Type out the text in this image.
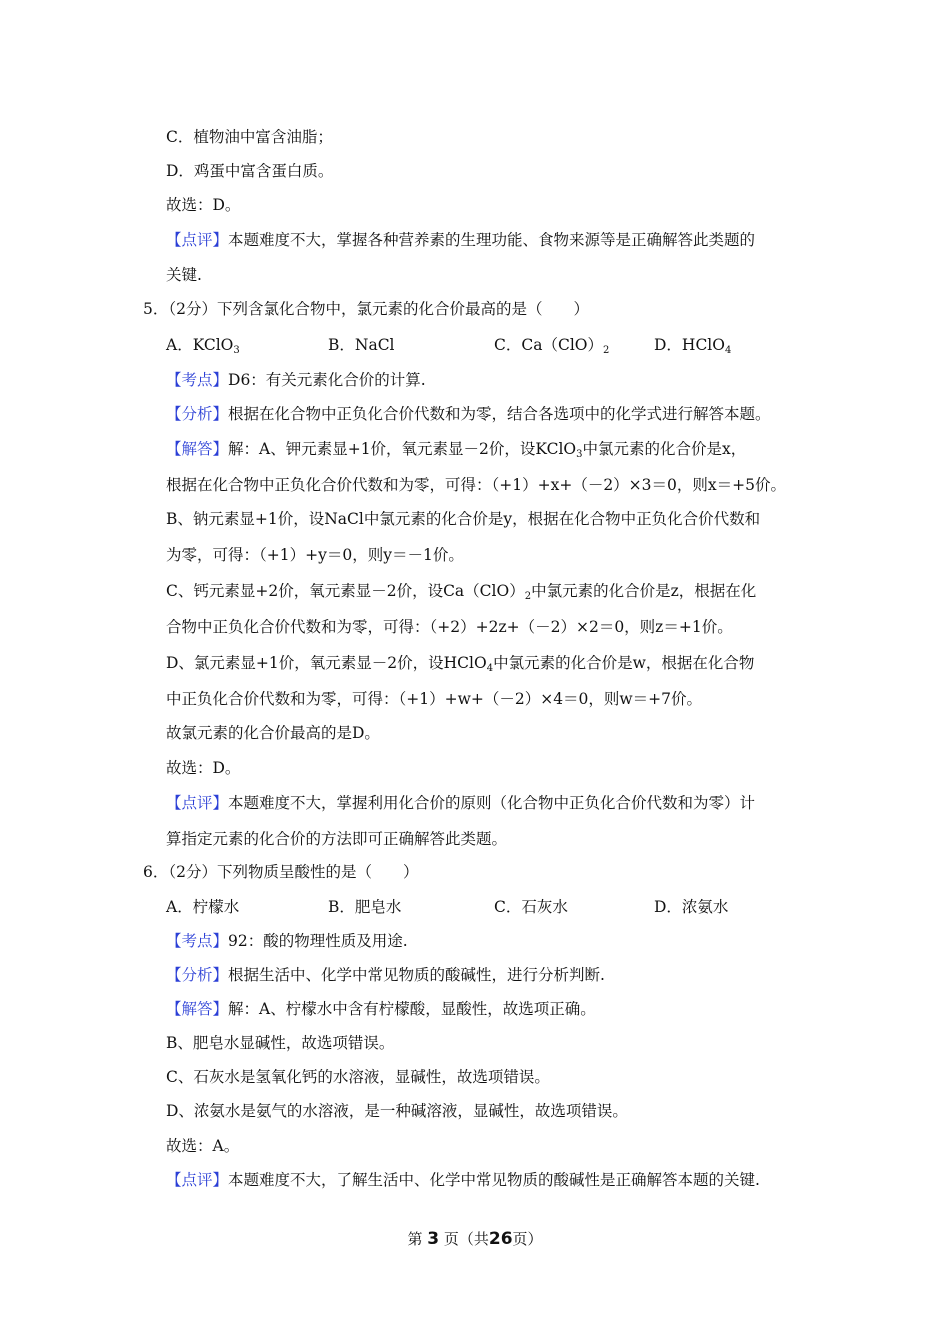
C．植物油中富含油脂；
D．鸡蛋中富含蛋白质。
故选：D。
【点评】本题难度不大，掌握各种营养素的生理功能、食物来源等是正确解答此类题的
关键.
5．（2分）下列含氯化合物中，氯元素的化合价最高的是（　　）
A．KClO$_3$	B．NaCl	C．$Ca(ClO)_2$	D．HClO$_4$
【考点】D6：有关元素化合价的计算.
【分析】根据在化合物中正负化合价代数和为零，结合各选项中的化学式进行解答本题。
【解答】解：A、钾元素显+1价，氧元素显－2价，设KClO$_3$中氯元素的化合价是x，
根据在化合物中正负化合价代数和为零，可得：（+1）+x+（－2）×3＝0，则x＝+5价。
B、钠元素显+1价，设NaCl中氯元素的化合价是y，根据在化合物中正负化合价代数和
为零，可得：（+1）+y＝0，则y＝－1价。
C、钙元素显+2价，氧元素显－2价，设$Ca(ClO)_2$中氯元素的化合价是z，根据在化
合物中正负化合价代数和为零，可得：（+2）+2z+（－2）×2＝0，则z＝+1价。
D、氯元素显+1价，氧元素显－2价，设HClO$_4$中氯元素的化合价是w，根据在化合物
中正负化合价代数和为零，可得：（+1）+w+（－2）×4＝0，则w＝+7价。
故氯元素的化合价最高的是D。
故选：D。
【点评】本题难度不大，掌握利用化合价的原则（化合物中正负化合价代数和为零）计
算指定元素的化合价的方法即可正确解答此类题。
6．（2分）下列物质呈酸性的是（　　）
A．柠檬水	B．肥皂水	C．石灰水	D．浓氨水
【考点】92：酸的物理性质及用途.
【分析】根据生活中、化学中常见物质的酸碱性，进行分析判断.
【解答】解：A、柠檬水中含有柠檬酸，显酸性，故选项正确。
B、肥皂水显碱性，故选项错误。
C、石灰水是氢氧化钙的水溶液，显碱性，故选项错误。
D、浓氨水是氨气的水溶液，是一种碱溶液，显碱性，故选项错误。
故选：A。
【点评】本题难度不大，了解生活中、化学中常见物质的酸碱性是正确解答本题的关键.
第 3 页（共26页）
